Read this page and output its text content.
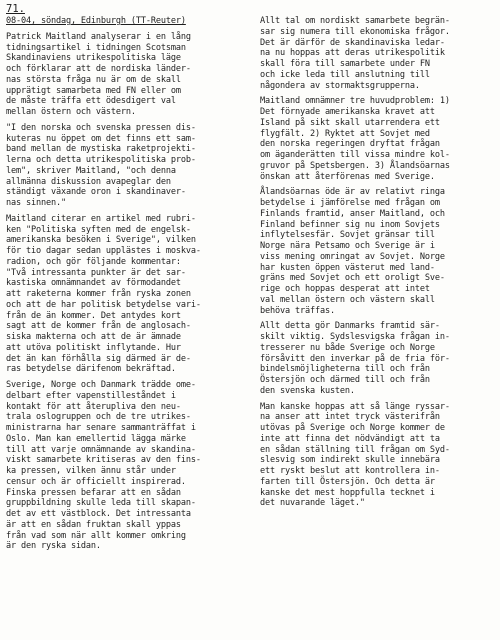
71.
08-04, söndag, Edinburgh (TT-Reuter)
Patrick Maitland analyserar i en lång
tidningsartikel i tidningen Scotsman
Skandinaviens utrikespolitiska läge
och förklarar att de nordiska länder-
nas största fråga nu är om de skall
upprätigt samarbeta med FN eller om
de måste träffa ett ödesdigert val
mellan östern och västern.
"I den norska och svenska pressen dis-
kuteras nu öppet om det finns ett sam-
band mellan de mystiska raketprojekti-
lerna och detta utrikespolitiska prob-
lem", skriver Maitland, "och denna
allmänna diskussion avapeglar den
ständigt växande oron i skandinaver-
nas sinnen."
Maitland citerar en artikel med rubri-
ken "Politiska syften med de engelsk-
amerikanska besöken i Sverige", vilken
för tio dagar sedan upplästes i moskva-
radion, och gör följande kommentar:
"Två intressanta punkter är det sar-
kastiska omnämnandet av förmodandet
att raketerna kommer från ryska zonen
och att de har politisk betydelse vari-
från de än kommer. Det antydes kort
sagt att de kommer från de anglosach-
siska makterna och att de är ämnade
att utöva politiskt inflytande. Hur
det än kan förhålla sig därmed är de-
ras betydelse därifenom bekräftad.
Sverige, Norge och Danmark trädde ome-
delbart efter vapenstilleståndet i
kontakt för att återupliva den neu-
trala oslogruppen och de tre utrikes-
ministrarna har senare sammanträffat i
Oslo. Man kan emellertid lägga märke
till att varje omnämnande av skandina-
viskt samarbete kritiseras av den fins-
ka pressen, vilken ännu står under
censur och är officiellt inspirerad.
Finska pressen befarar att en sådan
gruppbildning skulle leda till skapan-
det av ett västblock. Det intressanta
är att en sådan fruktan skall yppas
från vad som när allt kommer omkring
är den ryska sidan.
Allt tal om nordiskt samarbete begrän-
sar sig numera till ekonomiska frågor.
Det är därför de skandinaviska ledar-
na nu hoppas att deras utrikespolitik
skall föra till samarbete under FN
och icke leda till anslutning till
någondera av stormaktsgrupperna.
Maitland omnämner tre huvudproblem: 1)
Det förnyade amerikanska kravet att
Island på sikt skall utarrendera ett
flygfält. 2) Ryktet att Sovjet med
den norska regeringen dryftat frågan
om äganderätten till vissa mindre kol-
gruvor på Spetsbergen. 3) Ålandsöarnas
önskan att återförenas med Sverige.
Ålandsöarnas öde är av relativt ringa
betydelse i jämförelse med frågan om
Finlands framtid, anser Maitland, och
Finland befinner sig nu inom Sovjets
inflytelsesfär. Sovjet gränsar till
Norge nära Petsamo och Sverige är i
viss mening omringat av Sovjet. Norge
har kusten öppen västerut med land-
gräns med Sovjet och ett oroligt Sve-
rige och hoppas desperat att intet
val mellan östern och västern skall
behöva träffas.
Allt detta gör Danmarks framtid sär-
skilt viktig. Sydslesvigska frågan in-
tresserer nu både Sverige och Norge
försåvitt den inverkar på de fria för-
bindelsmöjligheterna till och från
Östersjön och därmed till och från
den svenska kusten.
Man kanske hoppas att så länge ryssar-
na anser att intet tryck västerifrån
utövas på Sverige och Norge kommer de
inte att finna det nödvändigt att ta
en sådan ställning till frågan om Syd-
slesvig som indirekt skulle innebära
ett ryskt beslut att kontrollera in-
farten till Östersjön. Och detta är
kanske det mest hoppfulla tecknet i
det nuvarande läget."
